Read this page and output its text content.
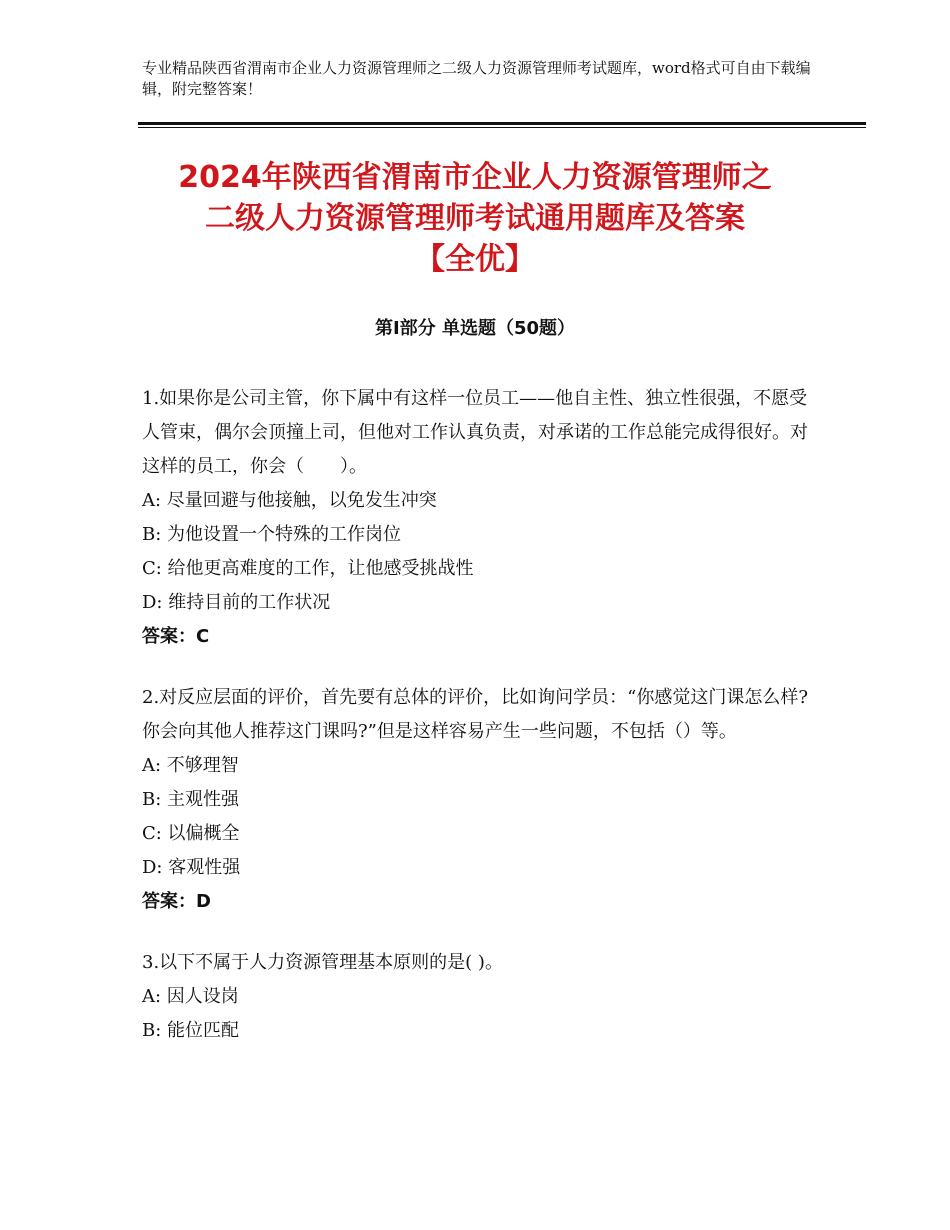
专业精品陕西省渭南市企业人力资源管理师之二级人力资源管理师考试题库，word格式可自由下载编辑，附完整答案！
2024年陕西省渭南市企业人力资源管理师之
二级人力资源管理师考试通用题库及答案
【全优】
第Ⅰ部分 单选题（50题）
1.如果你是公司主管，你下属中有这样一位员工——他自主性、独立性很强，不愿受人管束，偶尔会顶撞上司，但他对工作认真负责，对承诺的工作总能完成得很好。对这样的员工，你会（　　）。
A: 尽量回避与他接触，以免发生冲突
B: 为他设置一个特殊的工作岗位
C: 给他更高难度的工作，让他感受挑战性
D: 维持目前的工作状况
答案：C
2.对反应层面的评价，首先要有总体的评价，比如询问学员：“你感觉这门课怎么样?你会向其他人推荐这门课吗?”但是这样容易产生一些问题，不包括（）等。
A: 不够理智
B: 主观性强
C: 以偏概全
D: 客观性强
答案：D
3.以下不属于人力资源管理基本原则的是( )。
A: 因人设岗
B: 能位匹配
